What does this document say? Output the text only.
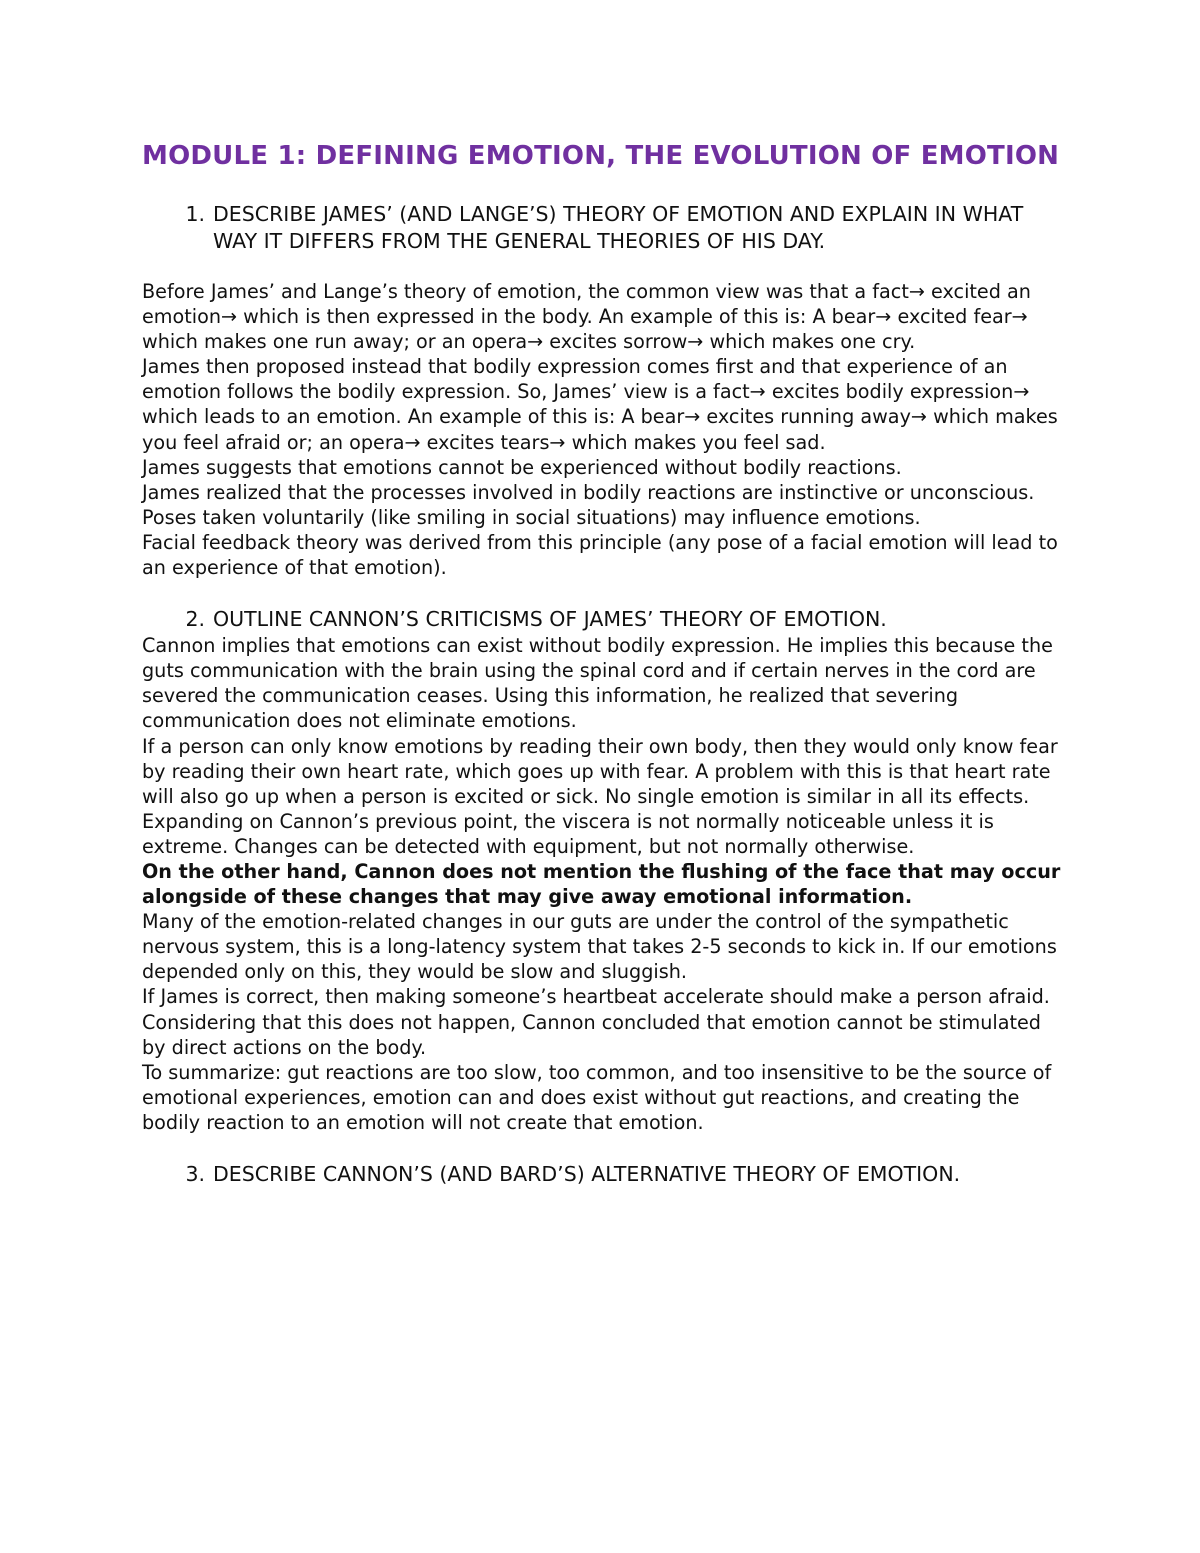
MODULE 1: DEFINING EMOTION, THE EVOLUTION OF EMOTION
1. DESCRIBE JAMES’ (AND LANGE’S) THEORY OF EMOTION AND EXPLAIN IN WHAT WAY IT DIFFERS FROM THE GENERAL THEORIES OF HIS DAY.

Before James’ and Lange’s theory of emotion, the common view was that a fact→ excited an emotion→ which is then expressed in the body. An example of this is: A bear→ excited fear→ which makes one run away; or an opera→ excites sorrow→ which makes one cry.

James then proposed instead that bodily expression comes first and that experience of an emotion follows the bodily expression. So, James’ view is a fact→ excites bodily expression→ which leads to an emotion. An example of this is: A bear→ excites running away→ which makes you feel afraid or; an opera→ excites tears→ which makes you feel sad.

James suggests that emotions cannot be experienced without bodily reactions.

James realized that the processes involved in bodily reactions are instinctive or unconscious.

Poses taken voluntarily (like smiling in social situations) may influence emotions.

Facial feedback theory was derived from this principle (any pose of a facial emotion will lead to an experience of that emotion).

2. OUTLINE CANNON’S CRITICISMS OF JAMES’ THEORY OF EMOTION.

Cannon implies that emotions can exist without bodily expression. He implies this because the guts communication with the brain using the spinal cord and if certain nerves in the cord are severed the communication ceases. Using this information, he realized that severing communication does not eliminate emotions.

If a person can only know emotions by reading their own body, then they would only know fear by reading their own heart rate, which goes up with fear. A problem with this is that heart rate will also go up when a person is excited or sick. No single emotion is similar in all its effects.

Expanding on Cannon’s previous point, the viscera is not normally noticeable unless it is extreme. Changes can be detected with equipment, but not normally otherwise.

On the other hand, Cannon does not mention the flushing of the face that may occur alongside of these changes that may give away emotional information.

Many of the emotion-related changes in our guts are under the control of the sympathetic nervous system, this is a long-latency system that takes 2-5 seconds to kick in. If our emotions depended only on this, they would be slow and sluggish.

If James is correct, then making someone’s heartbeat accelerate should make a person afraid. Considering that this does not happen, Cannon concluded that emotion cannot be stimulated by direct actions on the body.

To summarize: gut reactions are too slow, too common, and too insensitive to be the source of emotional experiences, emotion can and does exist without gut reactions, and creating the bodily reaction to an emotion will not create that emotion.

3. DESCRIBE CANNON’S (AND BARD’S) ALTERNATIVE THEORY OF EMOTION.
